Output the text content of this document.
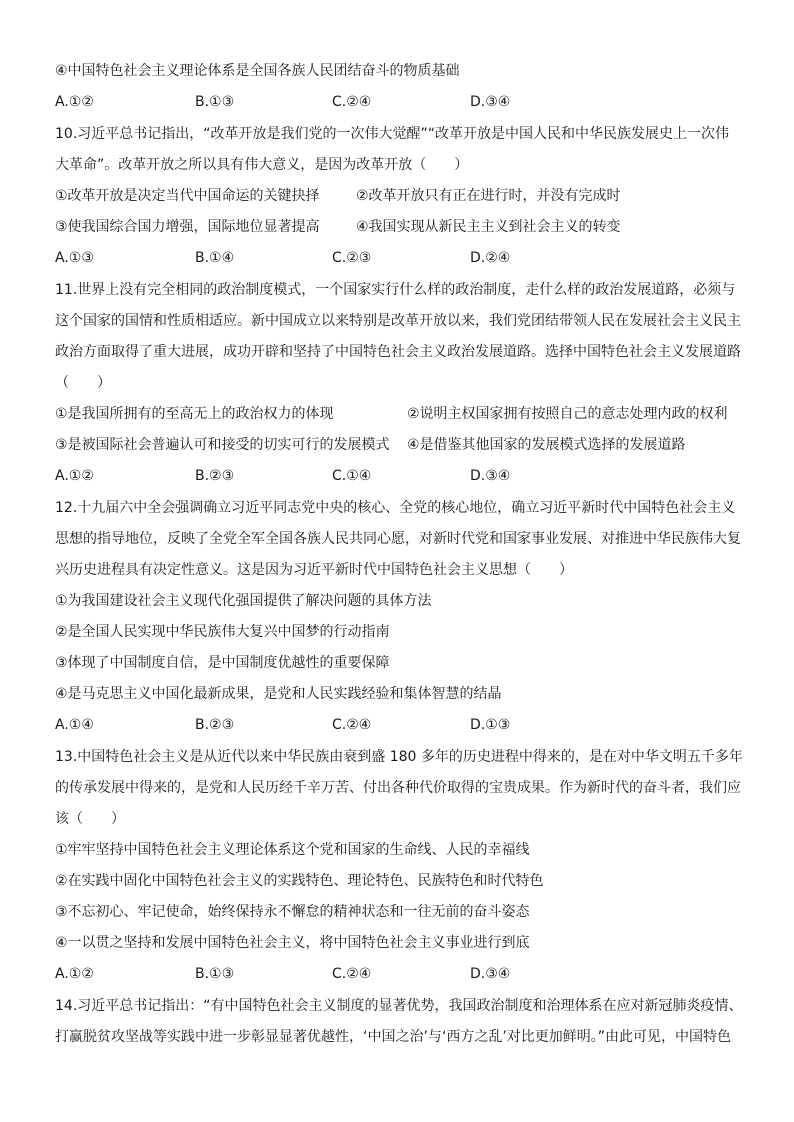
④中国特色社会主义理论体系是全国各族人民团结奋斗的物质基础
A.①②	B.①③	C.②④	D.③④
10.习近平总书记指出，“改革开放是我们党的一次伟大觉醒”“改革开放是中国人民和中华民族发展史上一次伟
大革命”。改革开放之所以具有伟大意义，是因为改革开放（　　）
①改革开放是决定当代中国命运的关键抉择	②改革开放只有正在进行时，并没有完成时
③使我国综合国力增强，国际地位显著提高	④我国实现从新民主主义到社会主义的转变
A.①③	B.①④	C.②③	D.②④
11.世界上没有完全相同的政治制度模式，一个国家实行什么样的政治制度，走什么样的政治发展道路，必须与
这个国家的国情和性质相适应。新中国成立以来特别是改革开放以来，我们党团结带领人民在发展社会主义民主
政治方面取得了重大进展，成功开辟和坚持了中国特色社会主义政治发展道路。选择中国特色社会主义发展道路
（　　）
①是我国所拥有的至高无上的政治权力的体现	②说明主权国家拥有按照自己的意志处理内政的权利
③是被国际社会普遍认可和接受的切实可行的发展模式 ④是借鉴其他国家的发展模式选择的发展道路
A.①②	B.②③	C.①④	D.③④
12.十九届六中全会强调确立习近平同志党中央的核心、全党的核心地位，确立习近平新时代中国特色社会主义
思想的指导地位，反映了全党全军全国各族人民共同心愿，对新时代党和国家事业发展、对推进中华民族伟大复
兴历史进程具有决定性意义。这是因为习近平新时代中国特色社会主义思想（　　）
①为我国建设社会主义现代化强国提供了解决问题的具体方法
②是全国人民实现中华民族伟大复兴中国梦的行动指南
③体现了中国制度自信，是中国制度优越性的重要保障
④是马克思主义中国化最新成果，是党和人民实践经验和集体智慧的结晶
A.①④	B.②③	C.②④	D.①③
13.中国特色社会主义是从近代以来中华民族由衰到盛 180 多年的历史进程中得来的，是在对中华文明五千多年
的传承发展中得来的，是党和人民历经千辛万苦、付出各种代价取得的宝贵成果。作为新时代的奋斗者，我们应
该（　　）
①牢牢坚持中国特色社会主义理论体系这个党和国家的生命线、人民的幸福线
②在实践中固化中国特色社会主义的实践特色、理论特色、民族特色和时代特色
③不忘初心、牢记使命，始终保持永不懈怠的精神状态和一往无前的奋斗姿态
④一以贯之坚持和发展中国特色社会主义，将中国特色社会主义事业进行到底
A.①②	B.①③	C.②④	D.③④
14.习近平总书记指出：“有中国特色社会主义制度的显著优势，我国政治制度和治理体系在应对新冠肺炎疫情、
打赢脱贫攻坚战等实践中进一步彰显显著优越性，‘中国之治’与‘西方之乱’对比更加鲜明。”由此可见，中国特色
